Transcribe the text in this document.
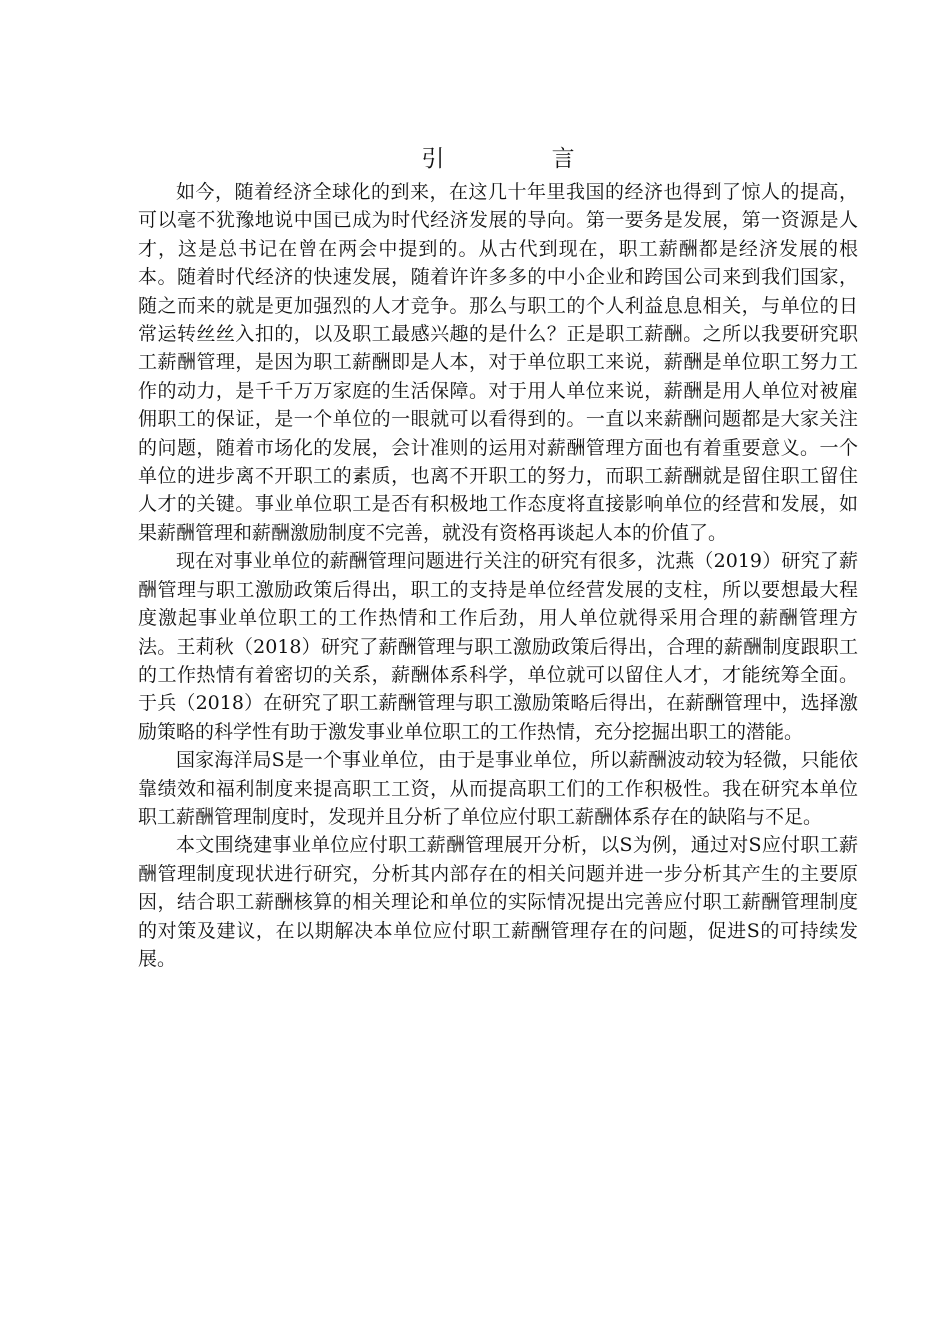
引 言

如今，随着经济全球化的到来，在这几十年里我国的经济也得到了惊人的提高，可以毫不犹豫地说中国已成为时代经济发展的导向。第一要务是发展，第一资源是人才，这是总书记在曾在两会中提到的。从古代到现在，职工薪酬都是经济发展的根本。随着时代经济的快速发展，随着许许多多的中小企业和跨国公司来到我们国家，随之而来的就是更加强烈的人才竞争。那么与职工的个人利益息息相关，与单位的日常运转丝丝入扣的，以及职工最感兴趣的是什么？正是职工薪酬。之所以我要研究职工薪酬管理，是因为职工薪酬即是人本，对于单位职工来说，薪酬是单位职工努力工作的动力，是千千万万家庭的生活保障。对于用人单位来说，薪酬是用人单位对被雇佣职工的保证，是一个单位的一眼就可以看得到的。一直以来薪酬问题都是大家关注的问题，随着市场化的发展，会计准则的运用对薪酬管理方面也有着重要意义。一个单位的进步离不开职工的素质，也离不开职工的努力，而职工薪酬就是留住职工留住人才的关键。事业单位职工是否有积极地工作态度将直接影响单位的经营和发展，如果薪酬管理和薪酬激励制度不完善，就没有资格再谈起人本的价值了。

现在对事业单位的薪酬管理问题进行关注的研究有很多，沈燕（2019）研究了薪酬管理与职工激励政策后得出，职工的支持是单位经营发展的支柱，所以要想最大程度激起事业单位职工的工作热情和工作后劲，用人单位就得采用合理的薪酬管理方法。王莉秋（2018）研究了薪酬管理与职工激励政策后得出，合理的薪酬制度跟职工的工作热情有着密切的关系，薪酬体系科学，单位就可以留住人才，才能统筹全面。于兵（2018）在研究了职工薪酬管理与职工激励策略后得出，在薪酬管理中，选择激励策略的科学性有助于激发事业单位职工的工作热情，充分挖掘出职工的潜能。

国家海洋局S是一个事业单位，由于是事业单位，所以薪酬波动较为轻微，只能依靠绩效和福利制度来提高职工工资，从而提高职工们的工作积极性。我在研究本单位职工薪酬管理制度时，发现并且分析了单位应付职工薪酬体系存在的缺陷与不足。

本文围绕建事业单位应付职工薪酬管理展开分析，以S为例，通过对S应付职工薪酬管理制度现状进行研究，分析其内部存在的相关问题并进一步分析其产生的主要原因，结合职工薪酬核算的相关理论和单位的实际情况提出完善应付职工薪酬管理制度的对策及建议，在以期解决本单位应付职工薪酬管理存在的问题，促进S的可持续发展。
